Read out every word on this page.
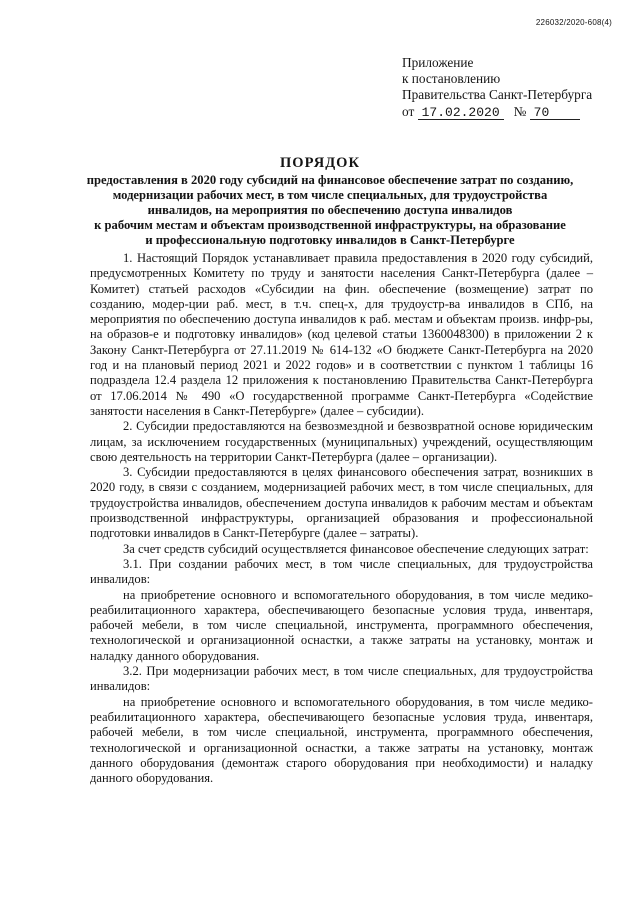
226032/2020-608(4)
Приложение
к постановлению
Правительства Санкт-Петербурга
от 17.02.2020 № 70
ПОРЯДОК
предоставления в 2020 году субсидий на финансовое обеспечение затрат по созданию,
модернизации рабочих мест, в том числе специальных, для трудоустройства
инвалидов, на мероприятия по обеспечению доступа инвалидов
к рабочим местам и объектам производственной инфраструктуры, на образование
и профессиональную подготовку инвалидов в Санкт-Петербурге

1. Настоящий Порядок устанавливает правила предоставления в 2020 году субсидий, предусмотренных Комитету по труду и занятости населения Санкт-Петербурга (далее – Комитет) статьей расходов «Субсидии на фин. обеспечение (возмещение) затрат по созданию, модер-ции раб. мест, в т.ч. спец-х, для трудоустр-ва инвалидов в СПб, на мероприятия по обеспечению доступа инвалидов к раб. местам и объектам произв. инфр-ры, на образов-е и подготовку инвалидов» (код целевой статьи 1360048300) в приложении 2 к Закону Санкт-Петербурга от 27.11.2019 № 614-132 «О бюджете Санкт-Петербурга на 2020 год и на плановый период 2021 и 2022 годов» и в соответствии с пунктом 1 таблицы 16 подраздела 12.4 раздела 12 приложения к постановлению Правительства Санкт-Петербурга от 17.06.2014 № 490 «О государственной программе Санкт-Петербурга «Содействие занятости населения в Санкт-Петербурге» (далее – субсидии).

2. Субсидии предоставляются на безвозмездной и безвозвратной основе юридическим лицам, за исключением государственных (муниципальных) учреждений, осуществляющим свою деятельность на территории Санкт-Петербурга (далее – организации).

3. Субсидии предоставляются в целях финансового обеспечения затрат, возникших в 2020 году, в связи с созданием, модернизацией рабочих мест, в том числе специальных, для трудоустройства инвалидов, обеспечением доступа инвалидов к рабочим местам и объектам производственной инфраструктуры, организацией образования и профессиональной подготовки инвалидов в Санкт-Петербурге (далее – затраты).

За счет средств субсидий осуществляется финансовое обеспечение следующих затрат:

3.1. При создании рабочих мест, в том числе специальных, для трудоустройства инвалидов:

на приобретение основного и вспомогательного оборудования, в том числе медико-реабилитационного характера, обеспечивающего безопасные условия труда, инвентаря, рабочей мебели, в том числе специальной, инструмента, программного обеспечения, технологической и организационной оснастки, а также затраты на установку, монтаж и наладку данного оборудования.

3.2. При модернизации рабочих мест, в том числе специальных, для трудоустройства инвалидов:

на приобретение основного и вспомогательного оборудования, в том числе медико-реабилитационного характера, обеспечивающего безопасные условия труда, инвентаря, рабочей мебели, в том числе специальной, инструмента, программного обеспечения, технологической и организационной оснастки, а также затраты на установку, монтаж данного оборудования (демонтаж старого оборудования при необходимости) и наладку данного оборудования.
